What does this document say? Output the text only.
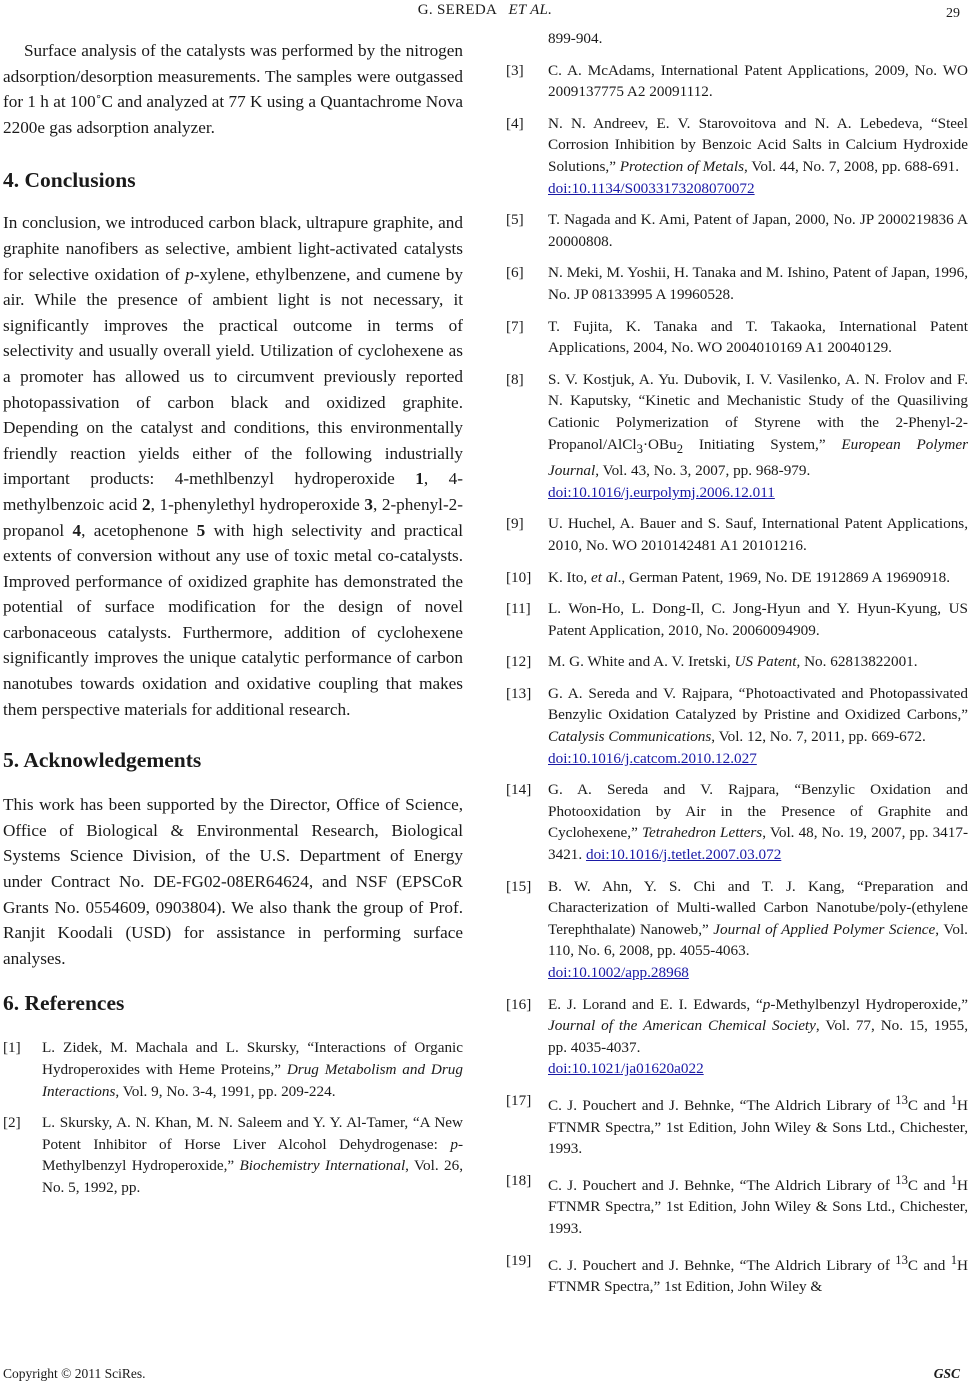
G. SEREDA ET AL.	29

Surface analysis of the catalysts was performed by the nitrogen adsorption/desorption measurements. The samples were outgassed for 1 h at 100˚C and analyzed at 77 K using a Quantachrome Nova 2200e gas adsorption analyzer.

4. Conclusions

In conclusion, we introduced carbon black, ultrapure graphite, and graphite nanofibers as selective, ambient light-activated catalysts for selective oxidation of p-xylene, ethylbenzene, and cumene by air. While the presence of ambient light is not necessary, it significantly improves the practical outcome in terms of selectivity and usually overall yield. Utilization of cyclohexene as a promoter has allowed us to circumvent previously reported photopassivation of carbon black and oxidized graphite. Depending on the catalyst and conditions, this environmentally friendly reaction yields either of the following industrially important products: 4-methlbenzyl hydroperoxide 1, 4-methylbenzoic acid 2, 1-phenylethyl hydroperoxide 3, 2-phenyl-2-propanol 4, acetophenone 5 with high selectivity and practical extents of conversion without any use of toxic metal co-catalysts. Improved performance of oxidized graphite has demonstrated the potential of surface modification for the design of novel carbonaceous catalysts. Furthermore, addition of cyclohexene significantly improves the unique catalytic performance of carbon nanotubes towards oxidation and oxidative coupling that makes them perspective materials for additional research.

5. Acknowledgements

This work has been supported by the Director, Office of Science, Office of Biological & Environmental Research, Biological Systems Science Division, of the U.S. Department of Energy under Contract No. DE-FG02-08ER64624, and NSF (EPSCoR Grants No. 0554609, 0903804). We also thank the group of Prof. Ranjit Koodali (USD) for assistance in performing surface analyses.

6. References
[1] L. Zidek, M. Machala and L. Skursky, “Interactions of Organic Hydroperoxides with Heme Proteins,” Drug Metabolism and Drug Interactions, Vol. 9, No. 3-4, 1991, pp. 209-224.
[2] L. Skursky, A. N. Khan, M. N. Saleem and Y. Y. Al-Tamer, “A New Potent Inhibitor of Horse Liver Alcohol Dehydrogenase: p-Methylbenzyl Hydroperoxide,” Biochemistry International, Vol. 26, No. 5, 1992, pp.
899-904.
[3] C. A. McAdams, International Patent Applications, 2009, No. WO 2009137775 A2 20091112.
[4] N. N. Andreev, E. V. Starovoitova and N. A. Lebedeva, “Steel Corrosion Inhibition by Benzoic Acid Salts in Calcium Hydroxide Solutions,” Protection of Metals, Vol. 44, No. 7, 2008, pp. 688-691.
doi:10.1134/S0033173208070072
[5] T. Nagada and K. Ami, Patent of Japan, 2000, No. JP 2000219836 A 20000808.
[6] N. Meki, M. Yoshii, H. Tanaka and M. Ishino, Patent of Japan, 1996, No. JP 08133995 A 19960528.
[7] T. Fujita, K. Tanaka and T. Takaoka, International Patent Applications, 2004, No. WO 2004010169 A1 20040129.
[8] S. V. Kostjuk, A. Yu. Dubovik, I. V. Vasilenko, A. N. Frolov and F. N. Kaputsky, “Kinetic and Mechanistic Study of the Quasiliving Cationic Polymerization of Styrene with the 2-Phenyl-2-Propanol/AlCl$_3$·OBu$_2$ Initiating System,” European Polymer Journal, Vol. 43, No. 3, 2007, pp. 968-979.
doi:10.1016/j.eurpolymj.2006.12.011
[9] U. Huchel, A. Bauer and S. Sauf, International Patent Applications, 2010, No. WO 2010142481 A1 20101216.
[10] K. Ito, et al., German Patent, 1969, No. DE 1912869 A 19690918.
[11] L. Won-Ho, L. Dong-Il, C. Jong-Hyun and Y. Hyun-Kyung, US Patent Application, 2010, No. 20060094909.
[12] M. G. White and A. V. Iretski, US Patent, No. 62813822001.
[13] G. A. Sereda and V. Rajpara, “Photoactivated and Photopassivated Benzylic Oxidation Catalyzed by Pristine and Oxidized Carbons,” Catalysis Communications, Vol. 12, No. 7, 2011, pp. 669-672.
doi:10.1016/j.catcom.2010.12.027
[14] G. A. Sereda and V. Rajpara, “Benzylic Oxidation and Photooxidation by Air in the Presence of Graphite and Cyclohexene,” Tetrahedron Letters, Vol. 48, No. 19, 2007, pp. 3417-3421. doi:10.1016/j.tetlet.2007.03.072
[15] B. W. Ahn, Y. S. Chi and T. J. Kang, “Preparation and Characterization of Multi-walled Carbon Nanotube/poly-(ethylene Terephthalate) Nanoweb,” Journal of Applied Polymer Science, Vol. 110, No. 6, 2008, pp. 4055-4063.
doi:10.1002/app.28968
[16] E. J. Lorand and E. I. Edwards, “p-Methylbenzyl Hydroperoxide,” Journal of the American Chemical Society, Vol. 77, No. 15, 1955, pp. 4035-4037.
doi:10.1021/ja01620a022
[17] C. J. Pouchert and J. Behnke, “The Aldrich Library of $^{13}$C and $^1$H FTNMR Spectra,” 1st Edition, John Wiley & Sons Ltd., Chichester, 1993.
[18] C. J. Pouchert and J. Behnke, “The Aldrich Library of $^{13}$C and $^1$H FTNMR Spectra,” 1st Edition, John Wiley & Sons Ltd., Chichester, 1993.
[19] C. J. Pouchert and J. Behnke, “The Aldrich Library of $^{13}$C and $^1$H FTNMR Spectra,” 1st Edition, John Wiley &
Copyright © 2011 SciRes.	GSC
